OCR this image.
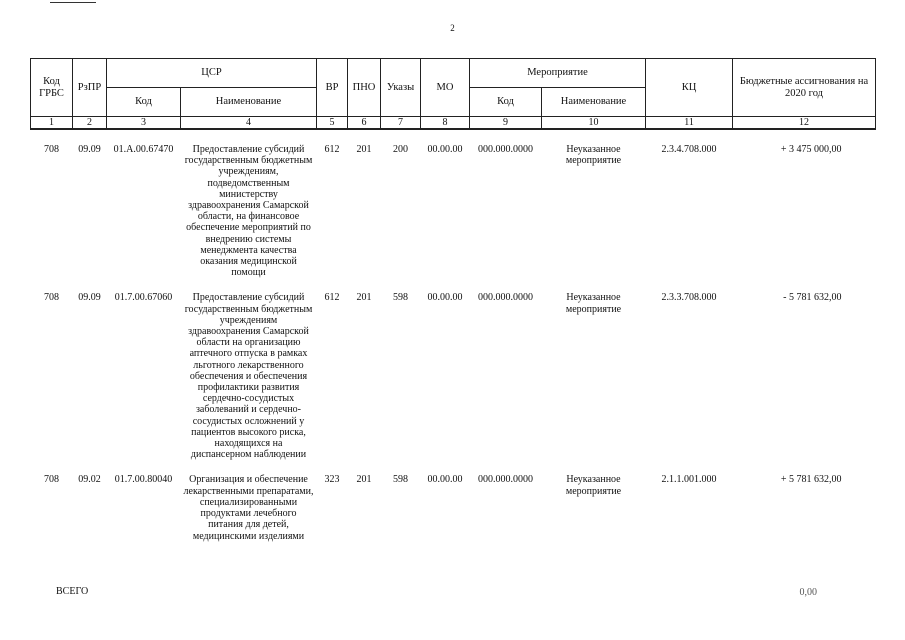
2
Код ГРБС	РзПР	ЦСР		ВР	ПНО	Указы	МО	Мероприятие		КЦ	Бюджетные ассигнования на 2020 год
		Код	Наименование					Код	Наименование		
1	2	3	4	5	6	7	8	9	10	11	12

708	09.09	01.А.00.67470	Предоставление субсидий государственным бюджетным учреждениям, подведомственным министерству здравоохранения Самарской области, на финансовое обеспечение мероприятий по внедрению системы менеджмента качества оказания медицинской помощи	612	201	200	00.00.00	000.000.0000	Неуказанное мероприятие	2.3.4.708.000	+ 3 475 000,00

708	09.09	01.7.00.67060	Предоставление субсидий государственным бюджетным учреждениям здравоохранения Самарской области на организацию аптечного отпуска в рамках льготного лекарственного обеспечения и обеспечения профилактики развития сердечно-сосудистых заболеваний и сердечно-сосудистых осложнений у пациентов высокого риска, находящихся на диспансерном наблюдении	612	201	598	00.00.00	000.000.0000	Неуказанное мероприятие	2.3.3.708.000	- 5 781 632,00

708	09.02	01.7.00.80040	Организация и обеспечение лекарственными препаратами, специализированными продуктами лечебного питания для детей, медицинскими изделиями	323	201	598	00.00.00	000.000.0000	Неуказанное мероприятие	2.1.1.001.000	+ 5 781 632,00
ВСЕГО	0,00
